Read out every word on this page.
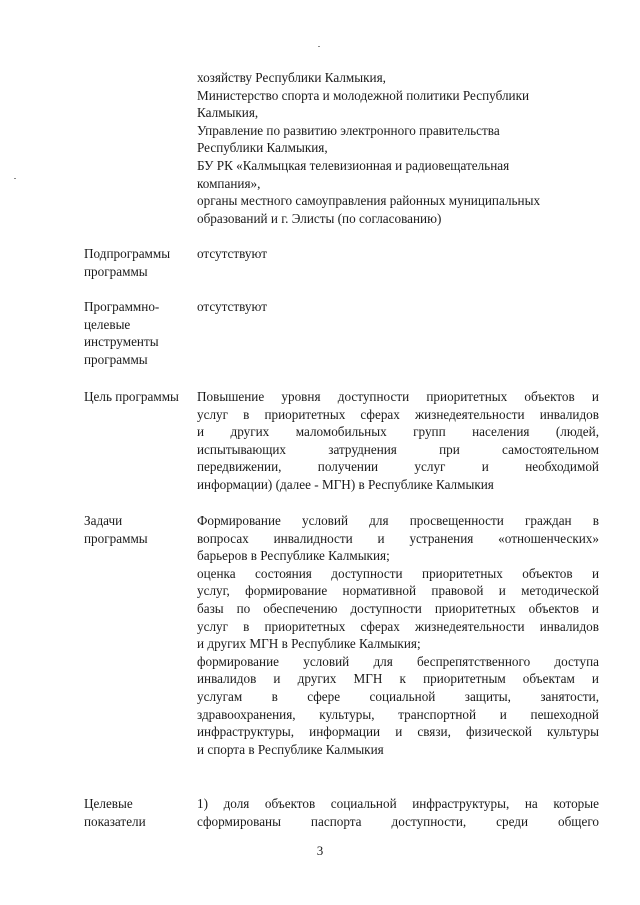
хозяйству Республики Калмыкия,
Министерство спорта и молодежной политики Республики
Калмыкия,
Управление по развитию электронного правительства
Республики Калмыкия,
БУ РК «Калмыцкая телевизионная и радиовещательная
компания»,
органы местного самоуправления районных муниципальных
образований и г. Элисты (по согласованию)
Подпрограммы
программы
отсутствуют
Программно-
целевые
инструменты
программы
отсутствуют
Цель программы	Повышение уровня доступности приоритетных объектов и
услуг в приоритетных сферах жизнедеятельности инвалидов
и других маломобильных групп населения (людей,
испытывающих затруднения при самостоятельном
передвижении, получении услуг и необходимой
информации) (далее - МГН) в Республике Калмыкия
Задачи
программы
Формирование условий для просвещенности граждан в
вопросах инвалидности и устранения «отношенческих»
барьеров в Республике Калмыкия;
оценка состояния доступности приоритетных объектов и
услуг, формирование нормативной правовой и методической
базы по обеспечению доступности приоритетных объектов и
услуг в приоритетных сферах жизнедеятельности инвалидов
и других МГН в Республике Калмыкия;
формирование условий для беспрепятственного доступа
инвалидов и других МГН к приоритетным объектам и
услугам в сфере социальной защиты, занятости,
здравоохранения, культуры, транспортной и пешеходной
инфраструктуры, информации и связи, физической культуры
и спорта в Республике Калмыкия
Целевые
показатели
1) доля объектов социальной инфраструктуры, на которые
сформированы паспорта доступности, среди общего
3
